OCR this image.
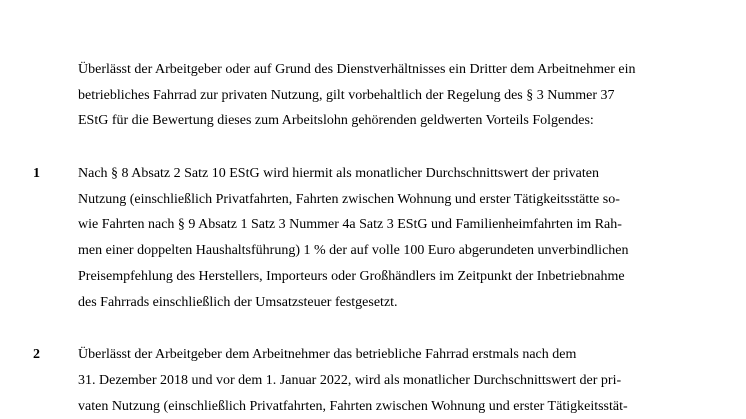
Überlässt der Arbeitgeber oder auf Grund des Dienstverhältnisses ein Dritter dem Arbeitnehmer ein

betriebliches Fahrrad zur privaten Nutzung, gilt vorbehaltlich der Regelung des § 3 Nummer 37

EStG für die Bewertung dieses zum Arbeitslohn gehörenden geldwerten Vorteils Folgendes:

1	Nach § 8 Absatz 2 Satz 10 EStG wird hiermit als monatlicher Durchschnittswert der privaten

Nutzung (einschließlich Privatfahrten, Fahrten zwischen Wohnung und erster Tätigkeitsstätte so-

wie Fahrten nach § 9 Absatz 1 Satz 3 Nummer 4a Satz 3 EStG und Familienheimfahrten im Rah-

men einer doppelten Haushaltsführung) 1 % der auf volle 100 Euro abgerundeten unverbindlichen

Preisempfehlung des Herstellers, Importeurs oder Großhändlers im Zeitpunkt der Inbetriebnahme

des Fahrrads einschließlich der Umsatzsteuer festgesetzt.

2	Überlässt der Arbeitgeber dem Arbeitnehmer das betriebliche Fahrrad erstmals nach dem

31. Dezember 2018 und vor dem 1. Januar 2022, wird als monatlicher Durchschnittswert der pri-

vaten Nutzung (einschließlich Privatfahrten, Fahrten zwischen Wohnung und erster Tätigkeitsstät-
